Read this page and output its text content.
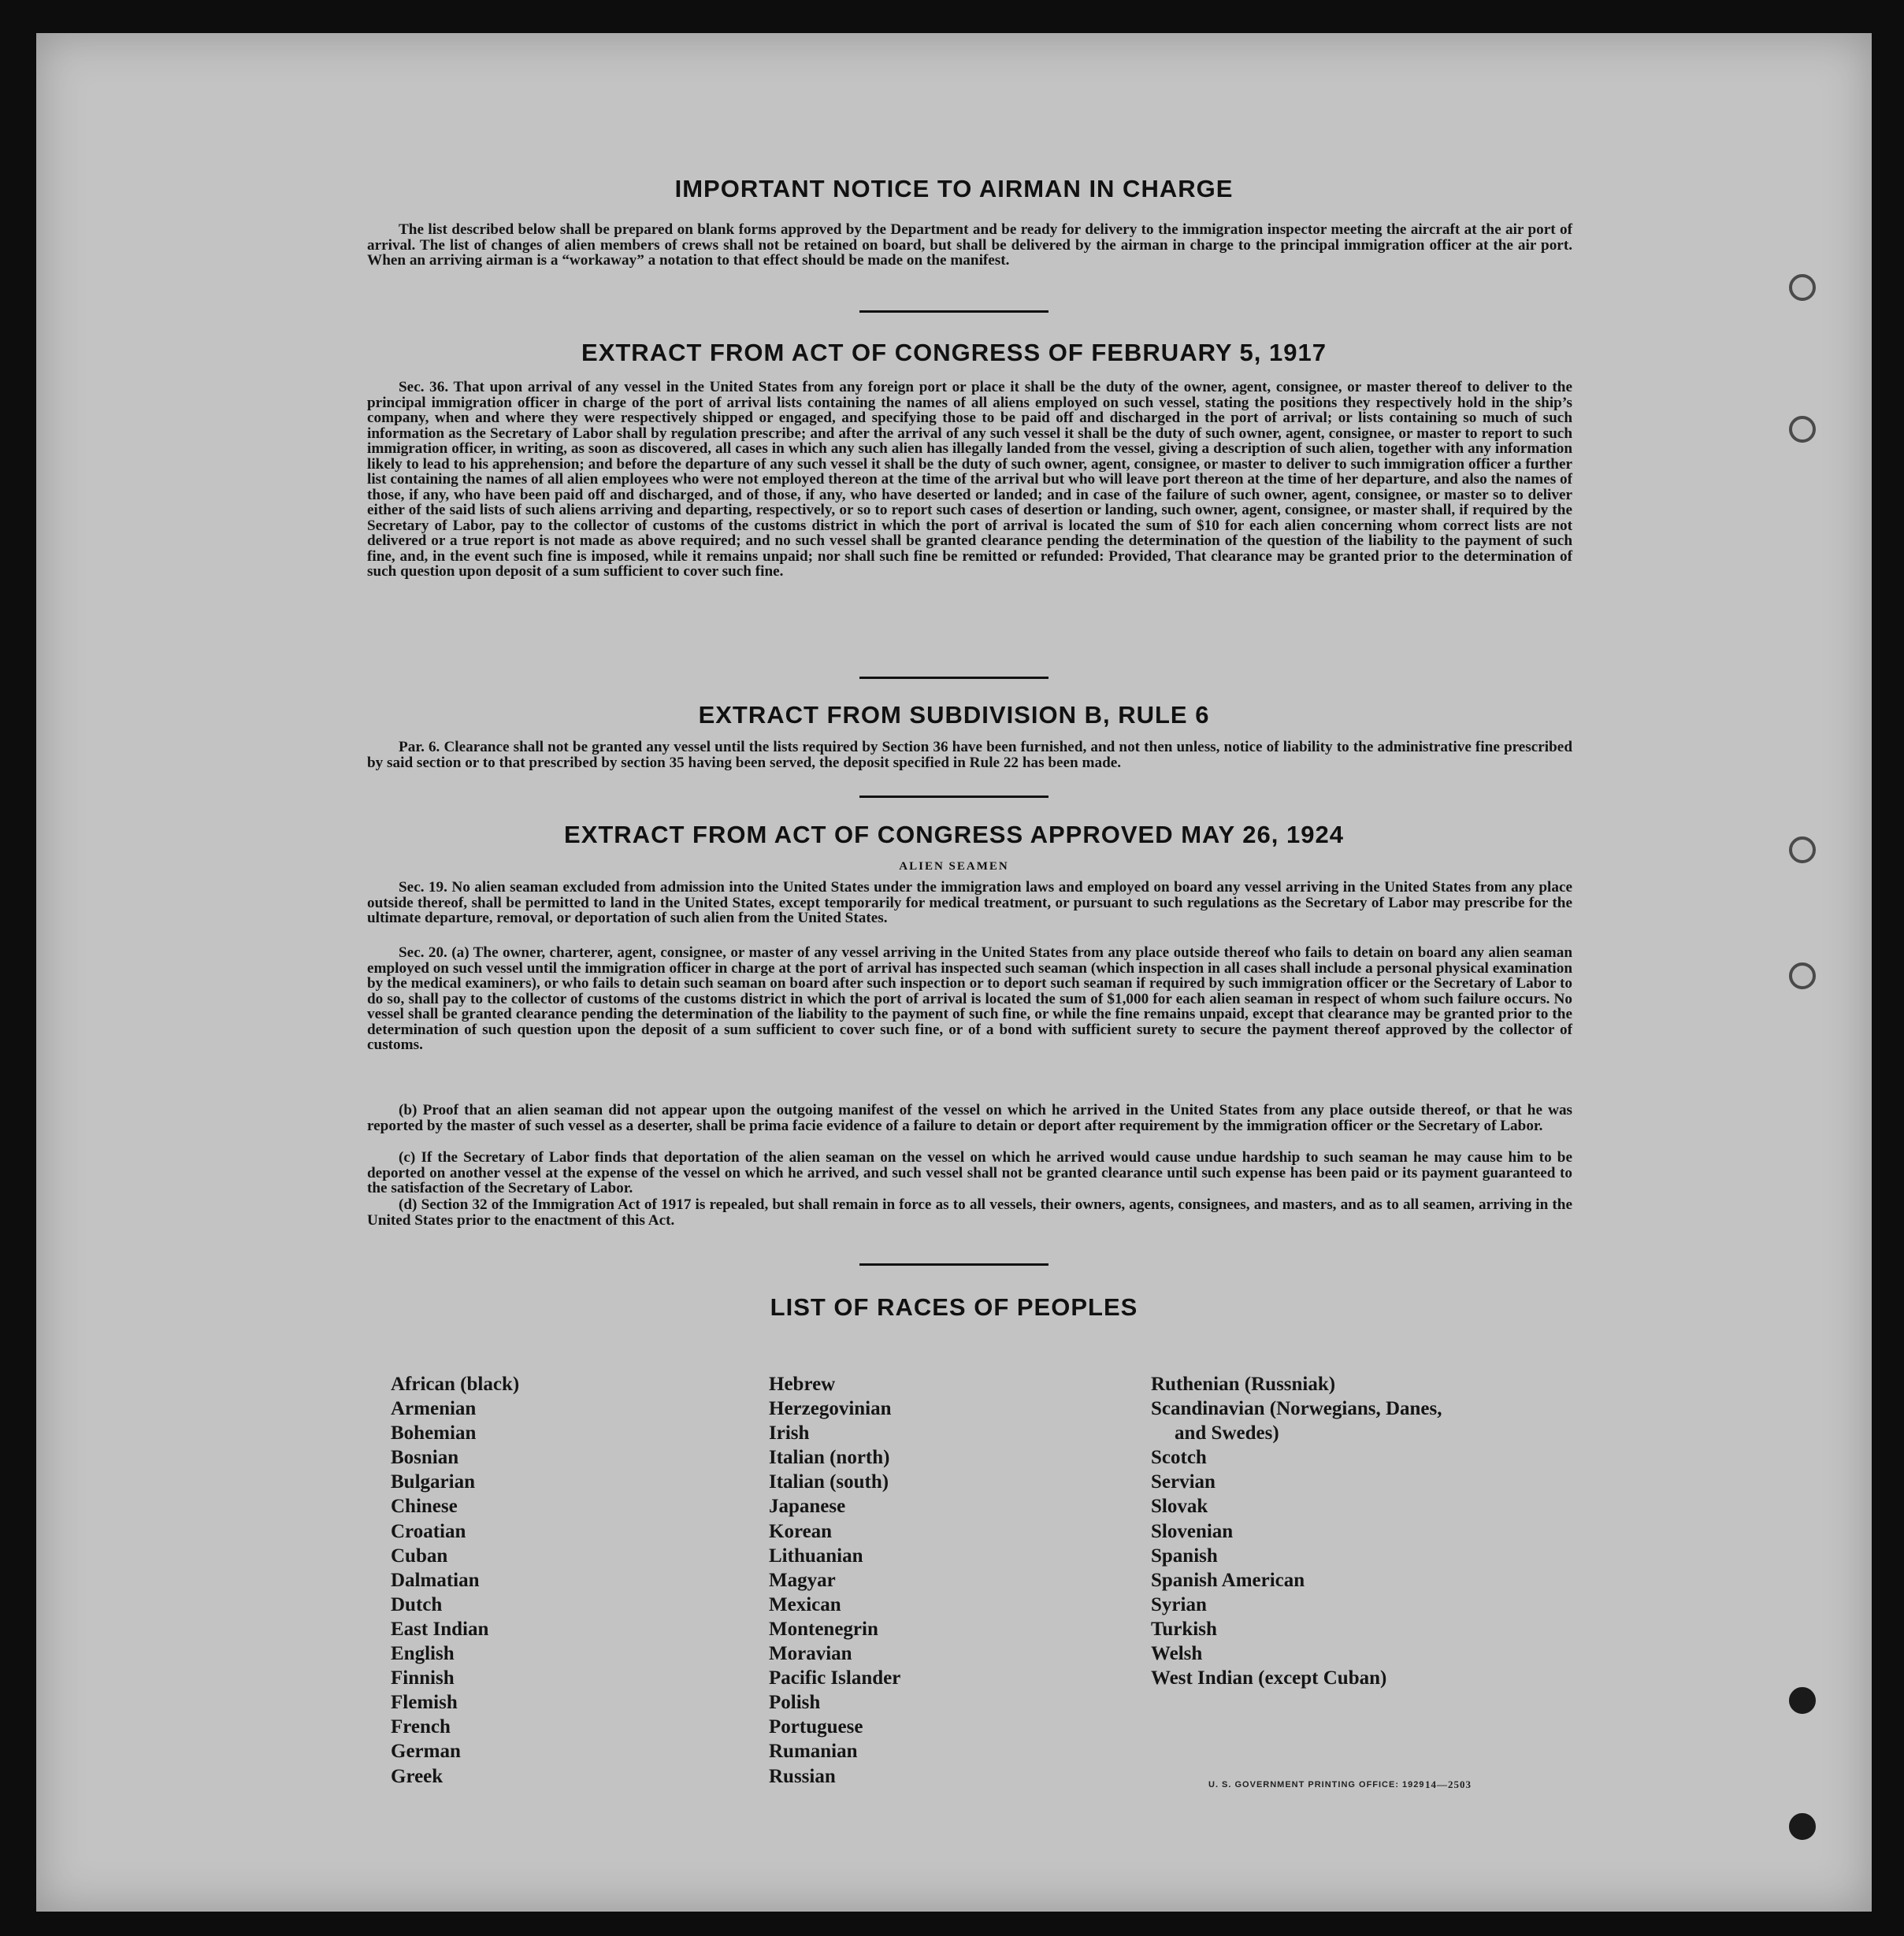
IMPORTANT NOTICE TO AIRMAN IN CHARGE

The list described below shall be prepared on blank forms approved by the Department and be ready for delivery to the immigration inspector meeting the aircraft at the air port of arrival. The list of changes of alien members of crews shall not be retained on board, but shall be delivered by the airman in charge to the principal immigration officer at the air port. When an arriving airman is a “workaway” a notation to that effect should be made on the manifest.

EXTRACT FROM ACT OF CONGRESS OF FEBRUARY 5, 1917

Sec. 36. That upon arrival of any vessel in the United States from any foreign port or place it shall be the duty of the owner, agent, consignee, or master thereof to deliver to the principal immigration officer in charge of the port of arrival lists containing the names of all aliens employed on such vessel, stating the positions they respectively hold in the ship’s company, when and where they were respectively shipped or engaged, and specifying those to be paid off and discharged in the port of arrival; or lists containing so much of such information as the Secretary of Labor shall by regulation prescribe; and after the arrival of any such vessel it shall be the duty of such owner, agent, consignee, or master to report to such immigration officer, in writing, as soon as discovered, all cases in which any such alien has illegally landed from the vessel, giving a description of such alien, together with any information likely to lead to his apprehension; and before the departure of any such vessel it shall be the duty of such owner, agent, consignee, or master to deliver to such immigration officer a further list containing the names of all alien employees who were not employed thereon at the time of the arrival but who will leave port thereon at the time of her departure, and also the names of those, if any, who have been paid off and discharged, and of those, if any, who have deserted or landed; and in case of the failure of such owner, agent, consignee, or master so to deliver either of the said lists of such aliens arriving and departing, respectively, or so to report such cases of desertion or landing, such owner, agent, consignee, or master shall, if required by the Secretary of Labor, pay to the collector of customs of the customs district in which the port of arrival is located the sum of $10 for each alien concerning whom correct lists are not delivered or a true report is not made as above required; and no such vessel shall be granted clearance pending the determination of the question of the liability to the payment of such fine, and, in the event such fine is imposed, while it remains unpaid; nor shall such fine be remitted or refunded: Provided, That clearance may be granted prior to the determination of such question upon deposit of a sum sufficient to cover such fine.

EXTRACT FROM SUBDIVISION B, RULE 6

Par. 6. Clearance shall not be granted any vessel until the lists required by Section 36 have been furnished, and not then unless, notice of liability to the administrative fine prescribed by said section or to that prescribed by section 35 having been served, the deposit specified in Rule 22 has been made.

EXTRACT FROM ACT OF CONGRESS APPROVED MAY 26, 1924
ALIEN SEAMEN

Sec. 19. No alien seaman excluded from admission into the United States under the immigration laws and employed on board any vessel arriving in the United States from any place outside thereof, shall be permitted to land in the United States, except temporarily for medical treatment, or pursuant to such regulations as the Secretary of Labor may prescribe for the ultimate departure, removal, or deportation of such alien from the United States.

Sec. 20. (a) The owner, charterer, agent, consignee, or master of any vessel arriving in the United States from any place outside thereof who fails to detain on board any alien seaman employed on such vessel until the immigration officer in charge at the port of arrival has inspected such seaman (which inspection in all cases shall include a personal physical examination by the medical examiners), or who fails to detain such seaman on board after such inspection or to deport such seaman if required by such immigration officer or the Secretary of Labor to do so, shall pay to the collector of customs of the customs district in which the port of arrival is located the sum of $1,000 for each alien seaman in respect of whom such failure occurs. No vessel shall be granted clearance pending the determination of the liability to the payment of such fine, or while the fine remains unpaid, except that clearance may be granted prior to the determination of such question upon the deposit of a sum sufficient to cover such fine, or of a bond with sufficient surety to secure the payment thereof approved by the collector of customs.

(b) Proof that an alien seaman did not appear upon the outgoing manifest of the vessel on which he arrived in the United States from any place outside thereof, or that he was reported by the master of such vessel as a deserter, shall be prima facie evidence of a failure to detain or deport after requirement by the immigration officer or the Secretary of Labor.

(c) If the Secretary of Labor finds that deportation of the alien seaman on the vessel on which he arrived would cause undue hardship to such seaman he may cause him to be deported on another vessel at the expense of the vessel on which he arrived, and such vessel shall not be granted clearance until such expense has been paid or its payment guaranteed to the satisfaction of the Secretary of Labor.

(d) Section 32 of the Immigration Act of 1917 is repealed, but shall remain in force as to all vessels, their owners, agents, consignees, and masters, and as to all seamen, arriving in the United States prior to the enactment of this Act.

LIST OF RACES OF PEOPLES
African (black)
Armenian
Bohemian
Bosnian
Bulgarian
Chinese
Croatian
Cuban
Dalmatian
Dutch
East Indian
English
Finnish
Flemish
French
German
Greek
Hebrew
Herzegovinian
Irish
Italian (north)
Italian (south)
Japanese
Korean
Lithuanian
Magyar
Mexican
Montenegrin
Moravian
Pacific Islander
Polish
Portuguese
Rumanian
Russian
Ruthenian (Russniak)
Scandinavian (Norwegians, Danes,
and Swedes)
Scotch
Servian
Slovak
Slovenian
Spanish
Spanish American
Syrian
Turkish
Welsh
West Indian (except Cuban)
U. S. GOVERNMENT PRINTING OFFICE: 1929 14—2503
